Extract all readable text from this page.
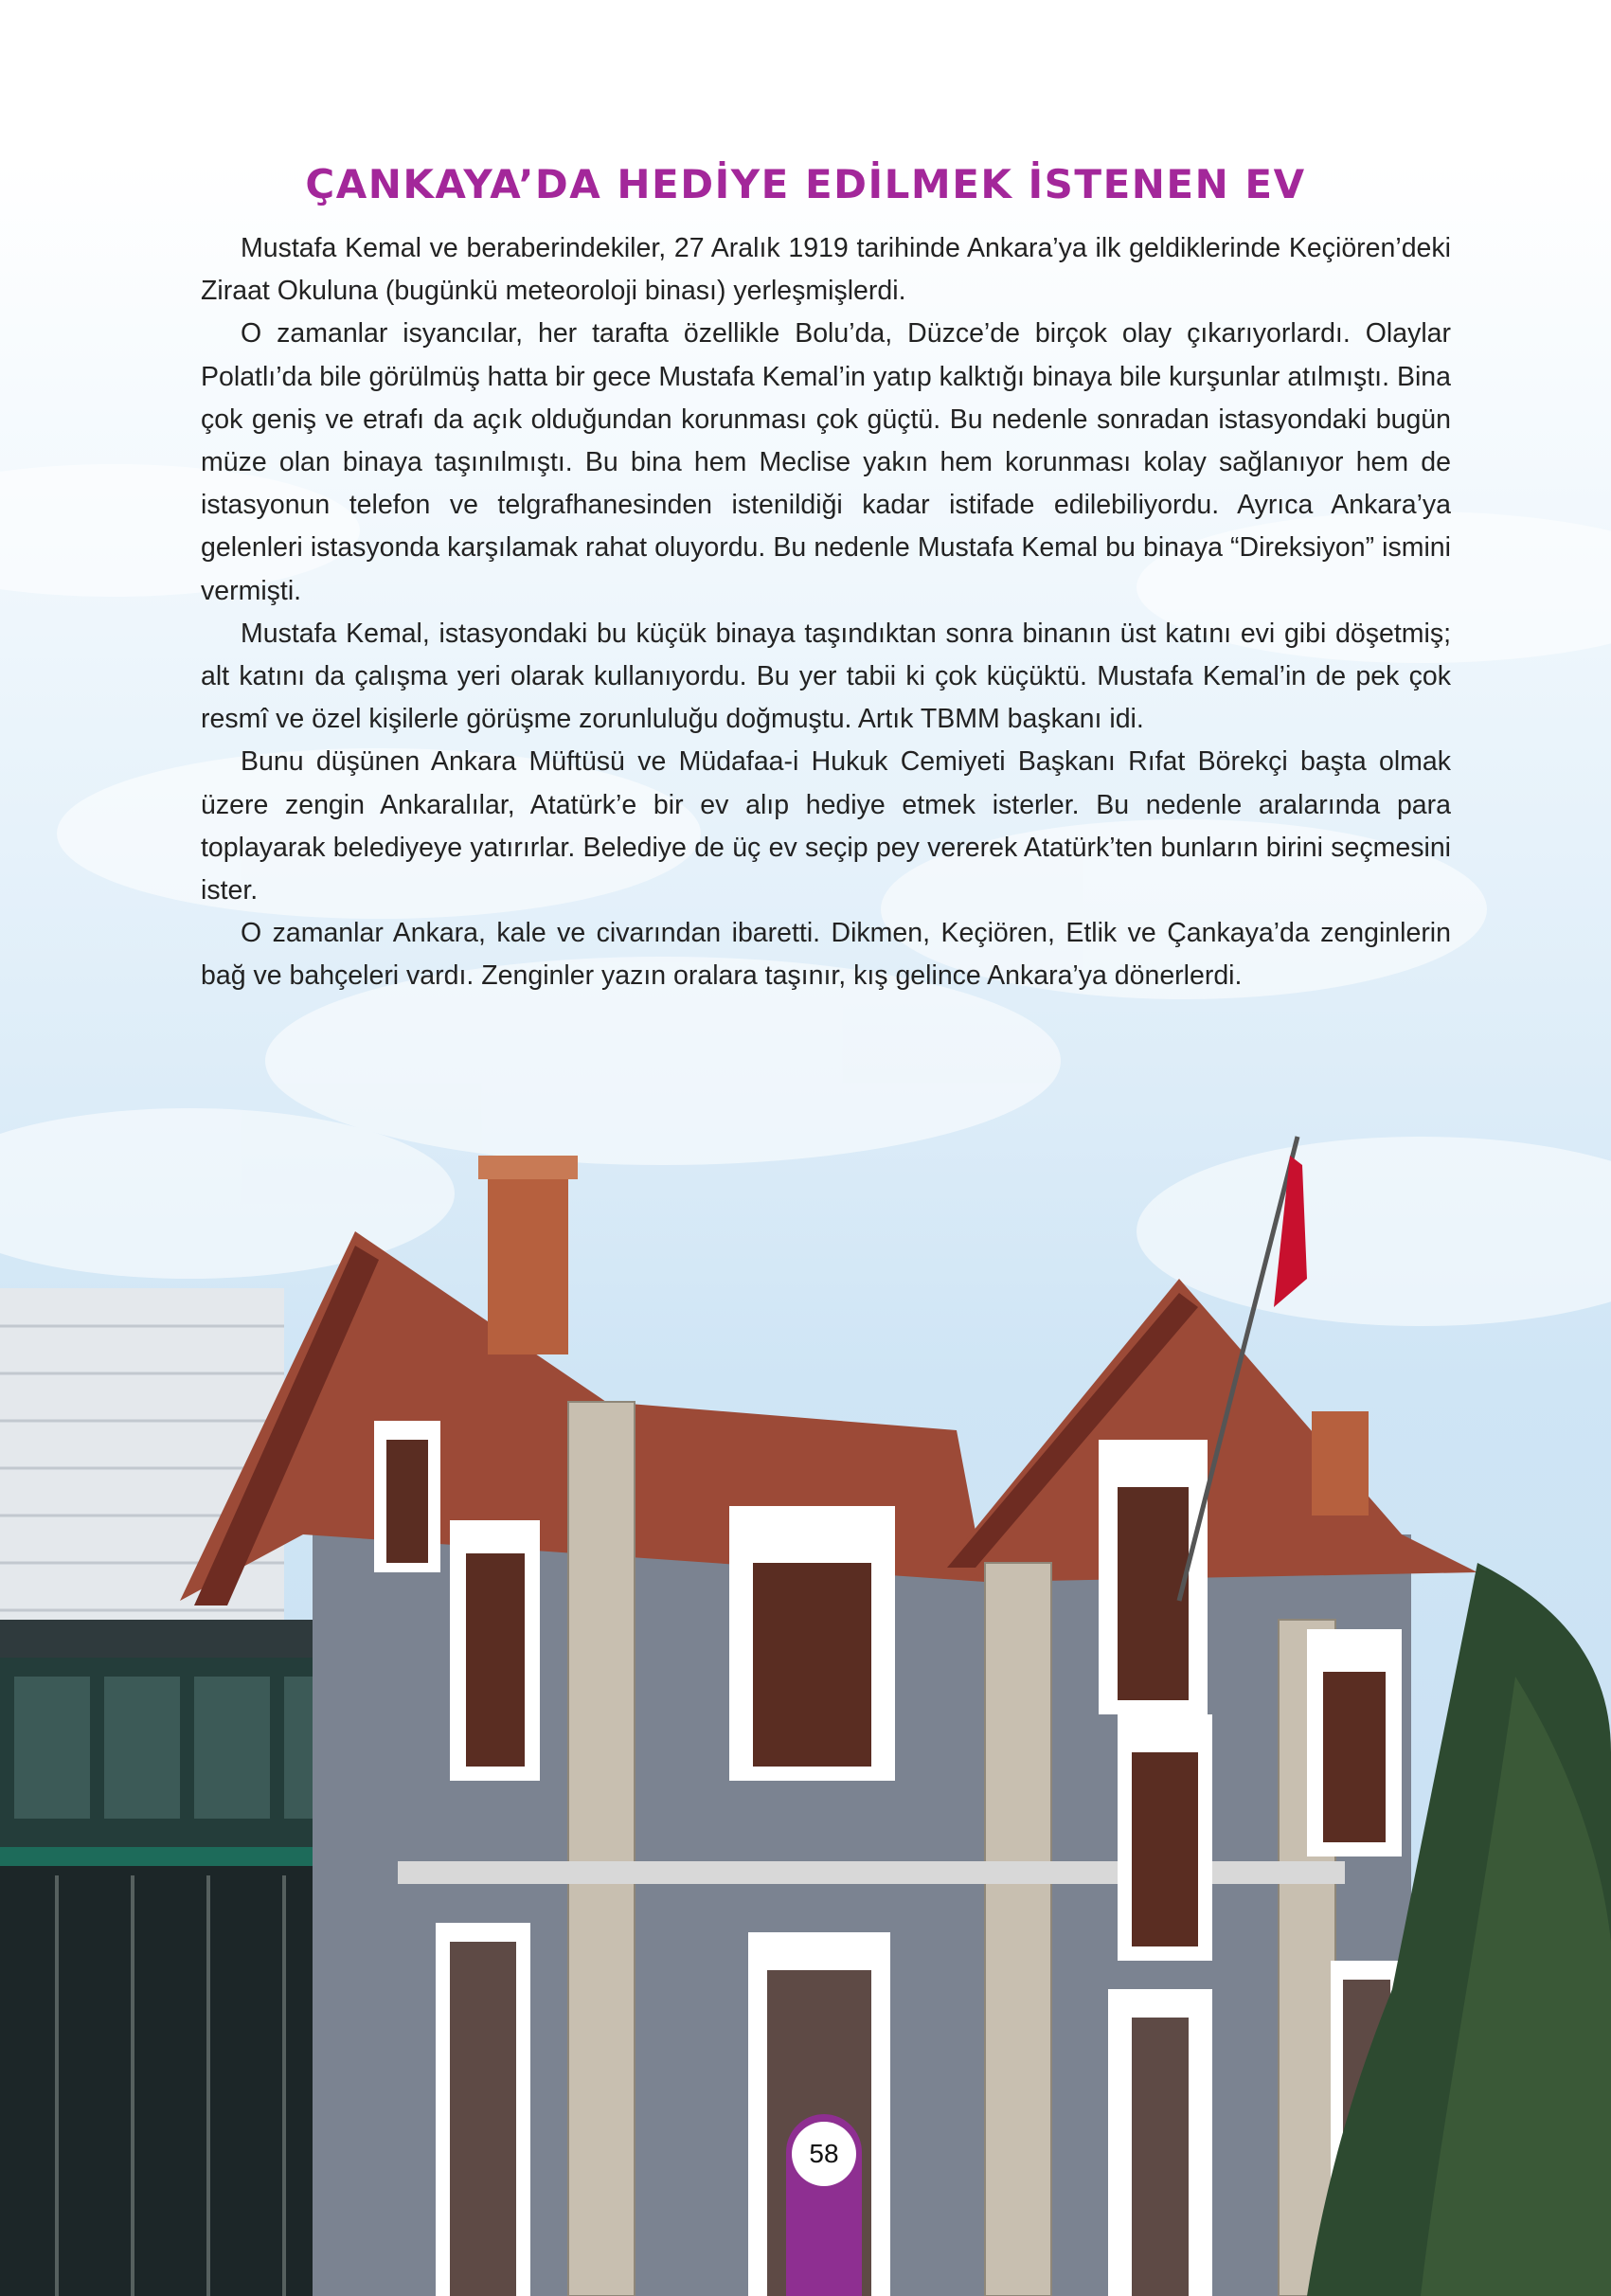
ÇANKAYA’DA HEDİYE EDİLMEK İSTENEN EV

Mustafa Kemal ve beraberindekiler, 27 Aralık 1919 tarihinde Ankara’ya ilk geldiklerinde Keçiören’deki Ziraat Okuluna (bugünkü meteoroloji binası) yerleşmişlerdi.

O zamanlar isyancılar, her tarafta özellikle Bolu’da, Düzce’de birçok olay çıkarıyorlardı. Olaylar Polatlı’da bile görülmüş hatta bir gece Mustafa Kemal’in yatıp kalktığı binaya bile kurşunlar atılmıştı. Bina çok geniş ve etrafı da açık olduğundan korunması çok güçtü. Bu nedenle sonradan istasyondaki bugün müze olan binaya taşınılmıştı. Bu bina hem Meclise yakın hem korunması kolay sağlanıyor hem de istasyonun telefon ve telgrafhanesinden istenildiği kadar istifade edilebiliyordu. Ayrıca Ankara’ya gelenleri istasyonda karşılamak rahat oluyordu. Bu nedenle Mustafa Kemal bu binaya “Direksiyon” ismini vermişti.

Mustafa Kemal, istasyondaki bu küçük binaya taşındıktan sonra binanın üst katını evi gibi döşetmiş; alt katını da çalışma yeri olarak kullanıyordu. Bu yer tabii ki çok küçüktü. Mustafa Kemal’in de pek çok resmî ve özel kişilerle görüşme zorunluluğu doğmuştu. Artık TBMM başkanı idi.

Bunu düşünen Ankara Müftüsü ve Müdafaa-i Hukuk Cemiyeti Başkanı Rıfat Börekçi başta olmak üzere zengin Ankaralılar, Atatürk’e bir ev alıp hediye etmek isterler. Bu nedenle aralarında para toplayarak belediyeye yatırırlar. Belediye de üç ev seçip pey vererek Atatürk’ten bunların birini seçmesini ister.

O zamanlar Ankara, kale ve civarından ibaretti. Dikmen, Keçiören, Etlik ve Çankaya’da zenginlerin bağ ve bahçeleri vardı. Zenginler yazın oralara taşınır, kış gelince Ankara’ya dönerlerdi.

58
